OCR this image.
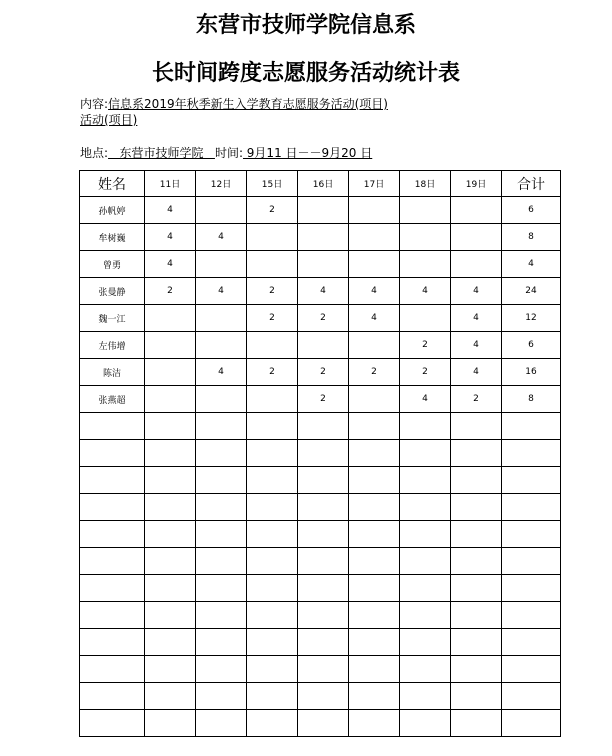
东营市技师学院信息系
长时间跨度志愿服务活动统计表
内容:信息系2019年秋季新生入学教育志愿服务活动(项目)
活动(项目)
地点:   东营市技师学院   时间: 9月11 日－－9月20 日
姓名	11日	12日	15日	16日	17日	18日	19日	合计
孙帆婷	4		2					6
牟树巍	4	4						8
曾勇	4							4
张曼静	2	4	2	4	4	4	4	24
魏一江			2	2	4		4	12
左伟增						2	4	6
陈洁		4	2	2	2	2	4	16
张燕超				2		4	2	8
